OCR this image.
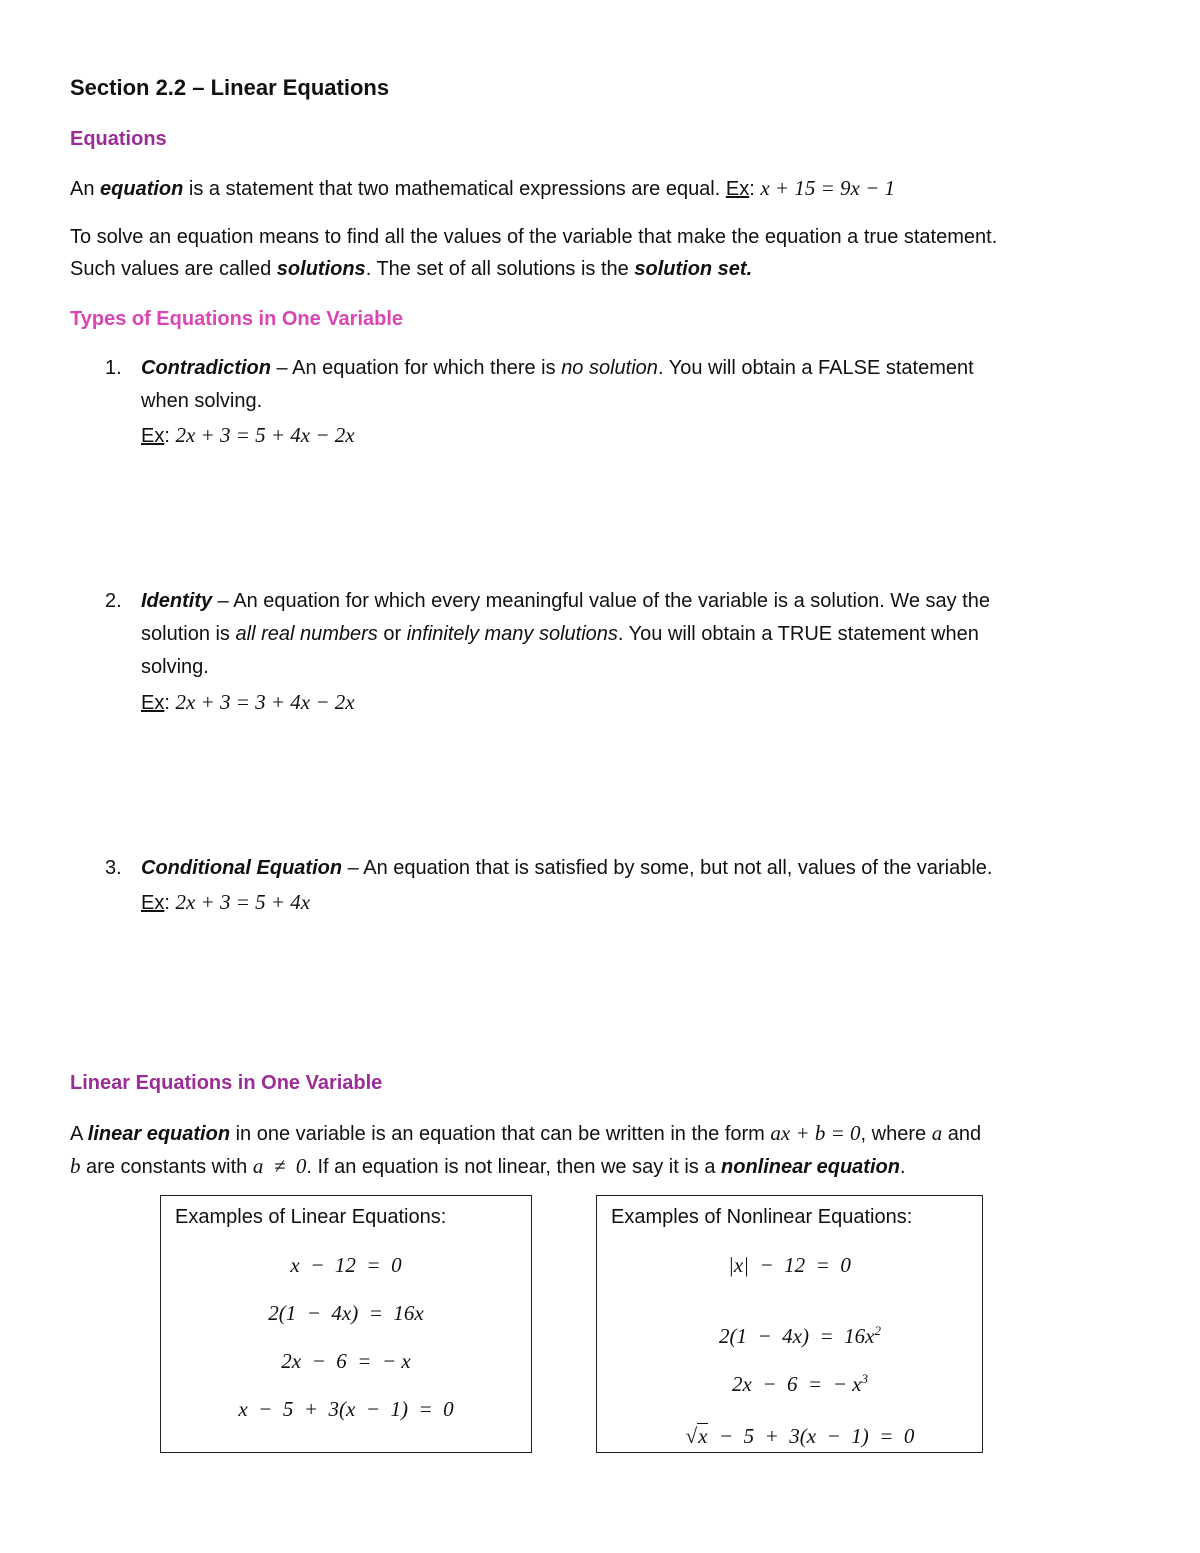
Section 2.2 – Linear Equations
Equations
An equation is a statement that two mathematical expressions are equal. Ex: x + 15 = 9x − 1
To solve an equation means to find all the values of the variable that make the equation a true statement.
Such values are called solutions. The set of all solutions is the solution set.
Types of Equations in One Variable
1. Contradiction – An equation for which there is no solution. You will obtain a FALSE statement
when solving.
Ex: 2x + 3 = 5 + 4x − 2x
2. Identity – An equation for which every meaningful value of the variable is a solution. We say the
solution is all real numbers or infinitely many solutions. You will obtain a TRUE statement when
solving.
Ex: 2x + 3 = 3 + 4x − 2x
3. Conditional Equation – An equation that is satisfied by some, but not all, values of the variable.
Ex: 2x + 3 = 5 + 4x
Linear Equations in One Variable
A linear equation in one variable is an equation that can be written in the form ax + b = 0, where a and
b are constants with a  ≠  0. If an equation is not linear, then we say it is a nonlinear equation.
Examples of Linear Equations:
x  −  12  =  0
2(1  −  4x)  =  16x
2x  −  6  =  − x
x  −  5  +  3(x  −  1)  =  0
Examples of Nonlinear Equations:
|x|  −  12  =  0

$2(1 - 4x) = 16x^2$

2x  −  6  =  − $x^3$

√x  −  5  +  3(x  −  1)  =  0
